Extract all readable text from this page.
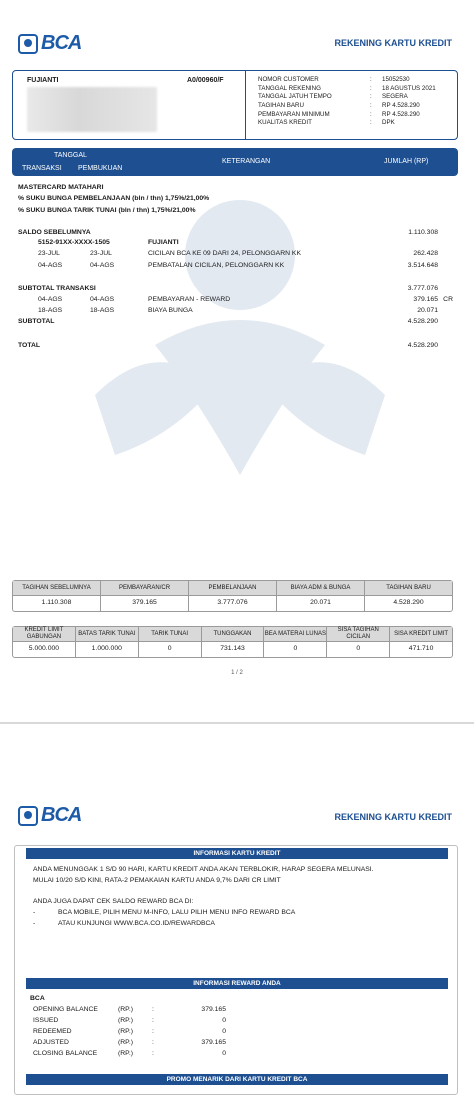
BCA	REKENING KARTU KREDIT
FUJIANTI	A0/00960/F	NOMOR CUSTOMER	:	15052530
TANGGAL REKENING	:	18 AGUSTUS 2021
TANGGAL JATUH TEMPO	:	SEGERA
TAGIHAN BARU	:	RP 4.528.290
PEMBAYARAN MINIMUM	:	RP 4.528.290
KUALITAS KREDIT	:	DPK
TANGGAL
TRANSAKSI PEMBUKUAN
KETERANGAN	JUMLAH (RP)
MASTERCARD MATAHARI
% SUKU BUNGA PEMBELANJAAN (bln / thn) 1,75%/21,00%
% SUKU BUNGA TARIK TUNAI (bln / thn) 1,75%/21,00%
SALDO SEBELUMNYA	1.110.308
5152-91XX-XXXX-1505	FUJIANTI
23-JUL	23-JUL	CICILAN BCA KE 09 DARI 24, PELONGGARN KK	262.428
04-AGS	04-AGS	PEMBATALAN CICILAN, PELONGGARN KK	3.514.648
SUBTOTAL TRANSAKSI	3.777.076
04-AGS	04-AGS	PEMBAYARAN - REWARD	379.165 CR
18-AGS	18-AGS	BIAYA BUNGA	20.071
SUBTOTAL	4.528.290
TOTAL	4.528.290
TAGIHAN SEBELUMNYA	PEMBAYARAN/CR	PEMBELANJAAN	BIAYA ADM & BUNGA	TAGIHAN BARU
1.110.308	379.165	3.777.076	20.071	4.528.290
KREDIT LIMIT GABUNGAN
BATAS TARIK TUNAI	TARIK TUNAI	TUNGGAKAN	BEA MATERAI LUNAS
SISA TAGIHAN CICILAN
SISA KREDIT LIMIT
5.000.000	1.000.000	0	731.143	0	0	471.710
1 / 2
BCA	REKENING KARTU KREDIT
INFORMASI KARTU KREDIT
ANDA MENUNGGAK 1 S/D 90 HARI, KARTU KREDIT ANDA AKAN TERBLOKIR, HARAP SEGERA MELUNASI.
MULAI 10/20 S/D KINI, RATA-2 PEMAKAIAN KARTU ANDA 9,7% DARI CR LIMIT
ANDA JUGA DAPAT CEK SALDO REWARD BCA DI:
-	BCA MOBILE, PILIH MENU M-INFO, LALU PILIH MENU INFO REWARD BCA
-	ATAU KUNJUNGI WWW.BCA.CO.ID/REWARDBCA
INFORMASI REWARD ANDA
BCA
OPENING BALANCE	(RP.)	:	379.165
ISSUED	(RP.)	:	0
REDEEMED	(RP.)	:	0
ADJUSTED	(RP.)	:	379.165
CLOSING BALANCE	(RP.)	:	0
PROMO MENARIK DARI KARTU KREDIT BCA
